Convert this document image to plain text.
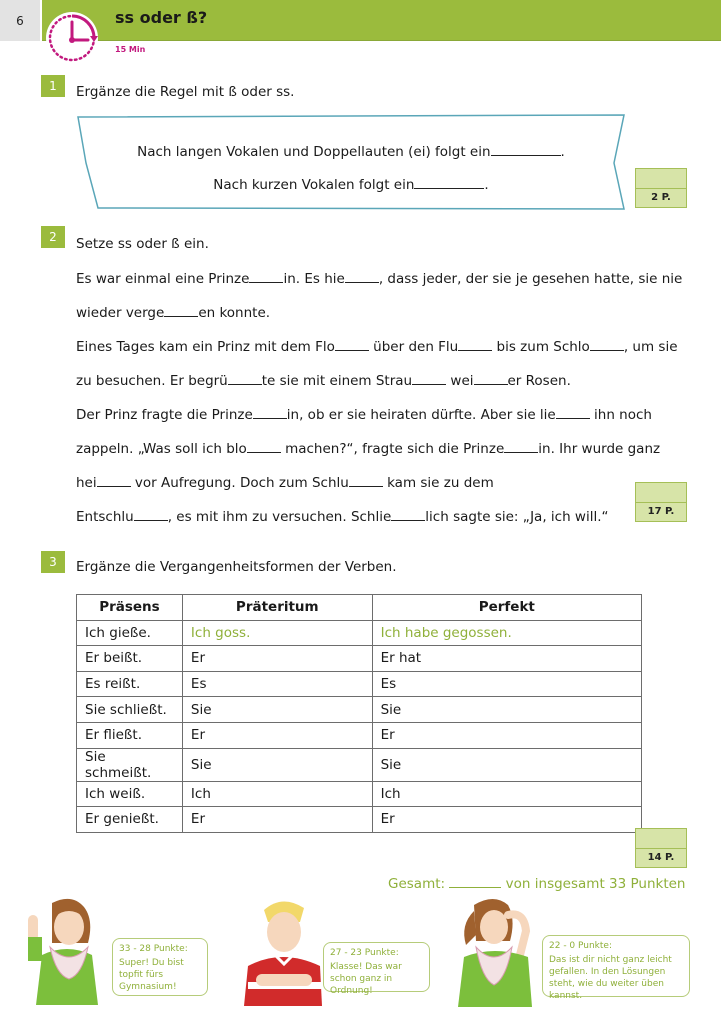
6	ss oder ß?
15 Min
1	Ergänze die Regel mit ß oder ss.
Nach langen Vokalen und Doppellauten (ei) folgt ein	.
Nach kurzen Vokalen folgt ein	.
2 P.
2	Setze ss oder ß ein.
Es war einmal eine Prinze	in. Es hie	, dass jeder, der sie je gesehen hatte, sie nie
wieder verge	en konnte.
Eines Tages kam ein Prinz mit dem Flo	über den Flu	bis zum Schlo	, um sie
zu besuchen. Er begrü	te sie mit einem Strau	wei	er Rosen.
Der Prinz fragte die Prinze	in, ob er sie heiraten dürfte. Aber sie lie	ihn noch
zappeln. „Was soll ich blo	machen?“, fragte sich die Prinze	in. Ihr wurde ganz
hei	vor Aufregung. Doch zum Schlu	kam sie zu dem
Entschlu	, es mit ihm zu versuchen. Schlie	lich sagte sie: „Ja, ich will.“	17 P.
3	Ergänze die Vergangenheitsformen der Verben.
Präsens	Präteritum	Perfekt
Ich gieße.	Ich goss.	Ich habe gegossen.
Er beißt.	Er	Er hat
Es reißt.	Es	Es
Sie schließt.	Sie	Sie
Er fließt.	Er	Er
Sie schmeißt.	Sie	Sie
Ich weiß.	Ich	Ich
Er genießt.	Er	Er
14 P.
Gesamt:	von insgesamt 33 Punkten
33 - 28 Punkte:
Super! Du bist topfit fürs Gymnasium!
27 - 23 Punkte:
Klasse! Das war schon ganz in Ordnung!
22 - 0 Punkte:
Das ist dir nicht ganz leicht gefallen. In den Lösungen steht, wie du weiter üben kannst.
